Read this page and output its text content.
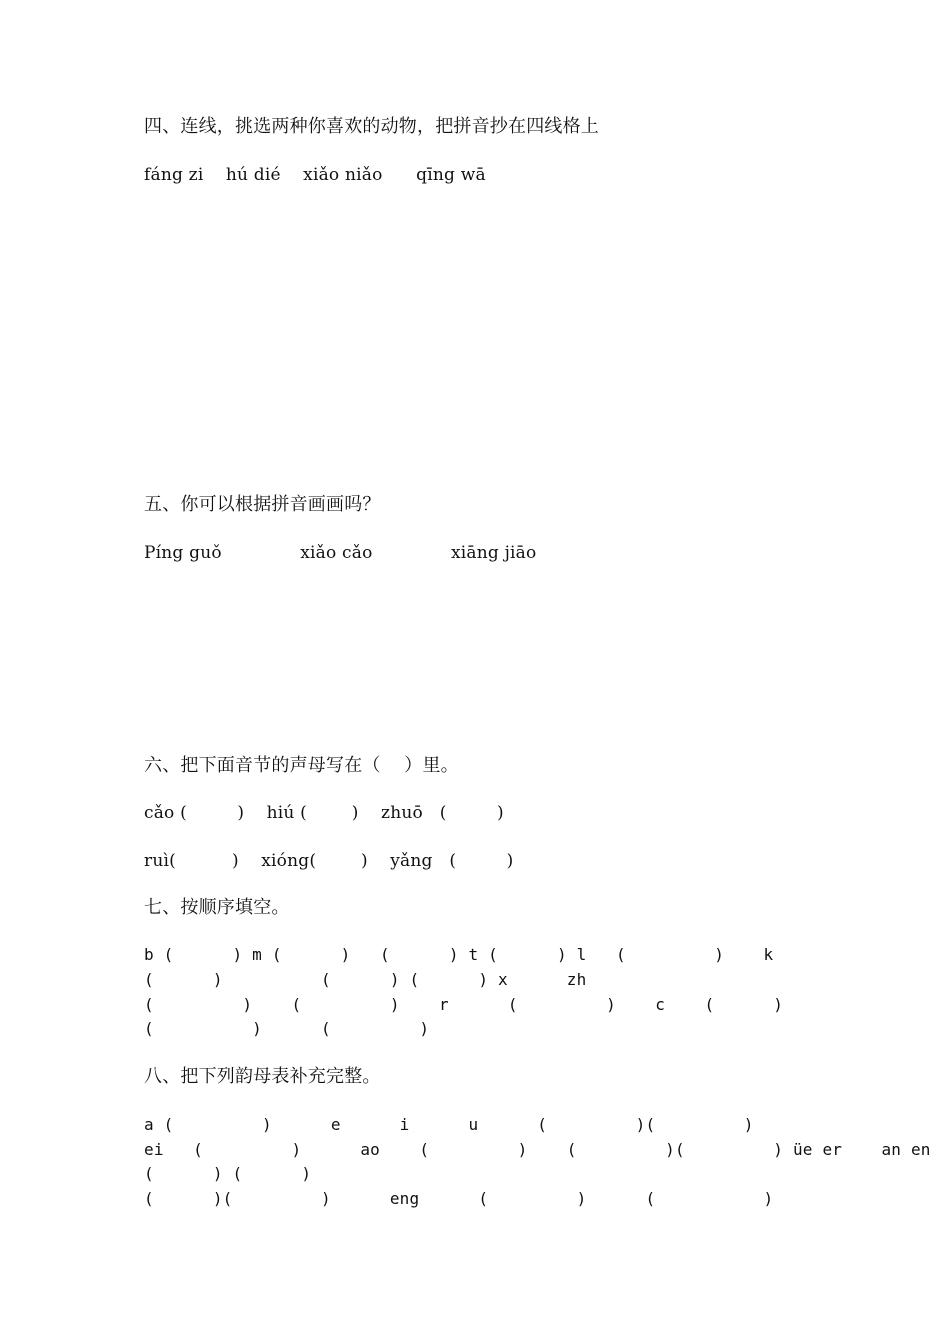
四、连线，挑选两种你喜欢的动物，把拼音抄在四线格上
fáng zi    hú dié    xiǎo niǎo      qīng wā
五、你可以根据拼音画画吗？
Píng guǒ              xiǎo cǎo              xiāng jiāo
六、把下面音节的声母写在（    ）里。
cǎo (         )    hiú (        )    zhuō   (         )
ruì(          )    xióng(        )    yǎng   (         )
七、按顺序填空。
b (      ) m (      )   (      ) t (      ) l   (         )    k
(      )          (      ) (      ) x      zh
(         )    (         )    r      (         )    c    (      )
(          )      (         )
八、把下列韵母表补充完整。
a (         )      e      i      u      (         )(         )
ei   (         )      ao    (         )    (         )(         ) üe er    an en
(      ) (      )
(      )(         )      eng      (         )      (           )
